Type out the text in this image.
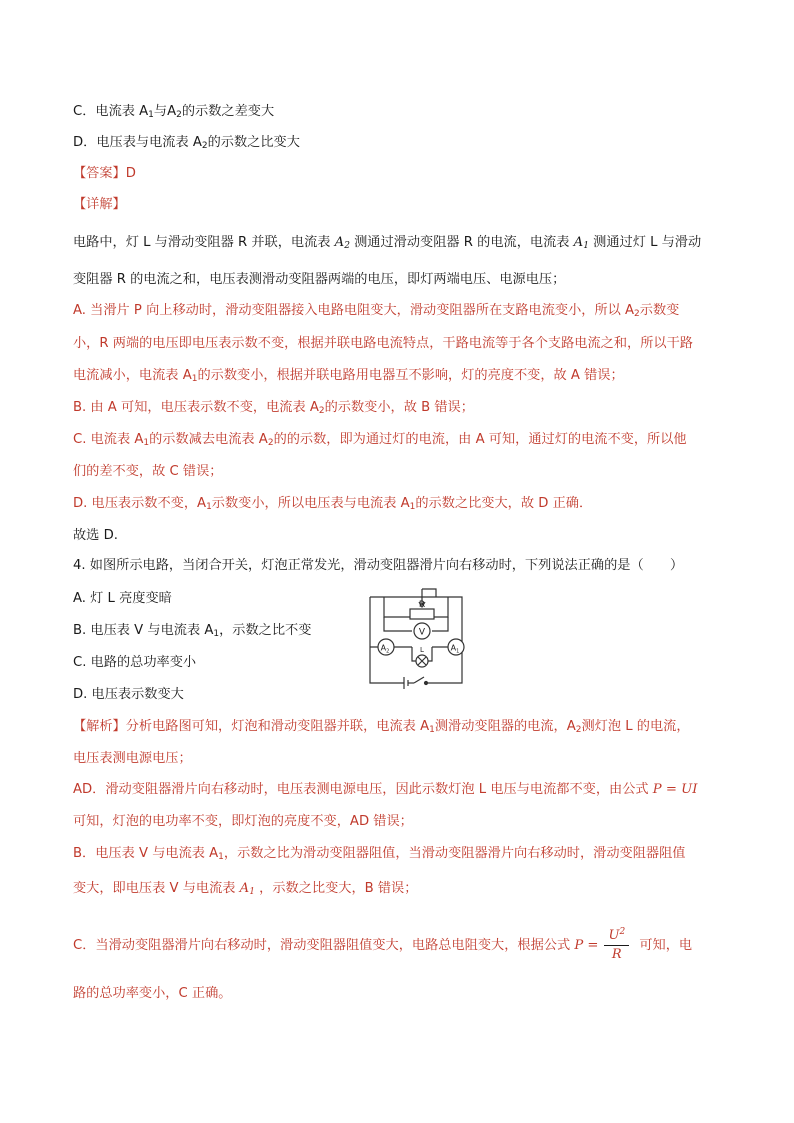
C．电流表 $A_1$与$A_2$的示数之差变大
D．电压表与电流表 $A_2$的示数之比变大
【答案】D
【详解】
电路中，灯 L 与滑动变阻器 R 并联，电流表 $A_2$ 测通过滑动变阻器 R 的电流，电流表 $A_1$ 测通过灯 L 与滑动
变阻器 R 的电流之和，电压表测滑动变阻器两端的电压，即灯两端电压、电源电压；
A. 当滑片 P 向上移动时，滑动变阻器接入电路电阻变大，滑动变阻器所在支路电流变小，所以 $A_2$示数变
小，R 两端的电压即电压表示数不变，根据并联电路电流特点，干路电流等于各个支路电流之和，所以干路
电流减小，电流表 $A_1$的示数变小，根据并联电路用电器互不影响，灯的亮度不变，故 A 错误；
B. 由 A 可知，电压表示数不变，电流表 $A_2$的示数变小，故 B 错误；
C. 电流表 $A_1$的示数减去电流表 $A_2$的的示数，即为通过灯的电流，由 A 可知，通过灯的电流不变，所以他
们的差不变，故 C 错误；
D. 电压表示数不变，$A_1$示数变小，所以电压表与电流表 $A_1$的示数之比变大，故 D 正确．
故选 D.
4. 如图所示电路，当闭合开关，灯泡正常发光，滑动变阻器滑片向右移动时，下列说法正确的是（　　）
A. 灯 L 亮度变暗
B. 电压表 V 与电流表 $A_1$，示数之比不变
C. 电路的总功率变小
D. 电压表示数变大
R
V
$A_2$	$A_1$
L
【解析】分析电路图可知，灯泡和滑动变阻器并联，电流表 $A_1$测滑动变阻器的电流，$A_2$测灯泡 L 的电流，
电压表测电源电压；
AD．滑动变阻器滑片向右移动时，电压表测电源电压，因此示数灯泡 L 电压与电流都不变，由公式 P = UI
可知，灯泡的电功率不变，即灯泡的亮度不变，AD 错误；
B．电压表 V 与电流表 $A_1$，示数之比为滑动变阻器阻值，当滑动变阻器滑片向右移动时，滑动变阻器阻值
变大，即电压表 V 与电流表 $A_1$ ，示数之比变大，B 错误；
C．当滑动变阻器滑片向右移动时，滑动变阻器阻值变大，电路总电阻变大，根据公式 $P = \frac{U^2}{R}$ 可知，电
路的总功率变小，C 正确。
